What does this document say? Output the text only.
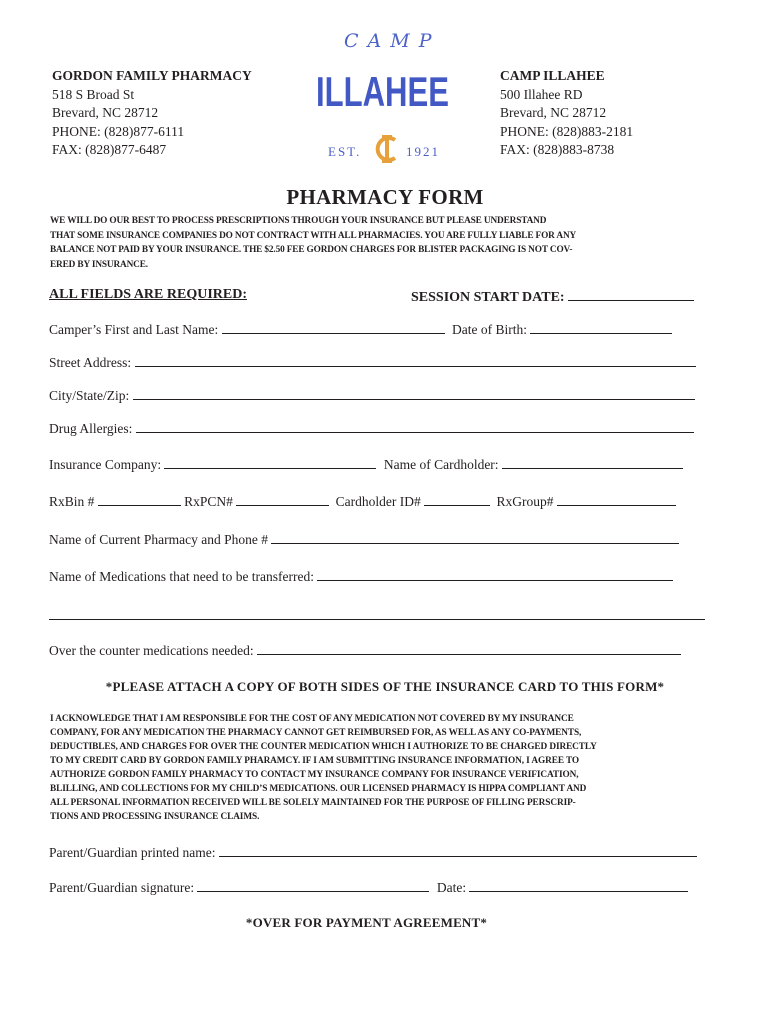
GORDON FAMILY PHARMACY
518 S Broad St
Brevard, NC 28712
PHONE: (828)877-6111
FAX: (828)877-6487
CAMP
ILLAHEE
EST.	1921
CAMP ILLAHEE
500 Illahee RD
Brevard, NC 28712
PHONE: (828)883-2181
FAX: (828)883-8738
PHARMACY FORM
WE WILL DO OUR BEST TO PROCESS PRESCRIPTIONS THROUGH YOUR INSURANCE BUT PLEASE UNDERSTAND
THAT SOME INSURANCE COMPANIES DO NOT CONTRACT WITH ALL PHARMACIES. YOU ARE FULLY LIABLE FOR ANY
BALANCE NOT PAID BY YOUR INSURANCE. THE $2.50 FEE GORDON CHARGES FOR BLISTER PACKAGING IS NOT COV-
ERED BY INSURANCE.
ALL FIELDS ARE REQUIRED:	SESSION START DATE:
Camper’s First and Last Name:	Date of Birth:
Street Address:
City/State/Zip:
Drug Allergies:
Insurance Company:	Name of Cardholder:
RxBin #	RxPCN#	Cardholder ID#	RxGroup#
Name of Current Pharmacy and Phone #
Name of Medications that need to be transferred:
Over the counter medications needed:
*PLEASE ATTACH A COPY OF BOTH SIDES OF THE INSURANCE CARD TO THIS FORM*
I ACKNOWLEDGE THAT I AM RESPONSIBLE FOR THE COST OF ANY MEDICATION NOT COVERED BY MY INSURANCE
COMPANY, FOR ANY MEDICATION THE PHARMACY CANNOT GET REIMBURSED FOR, AS WELL AS ANY CO-PAYMENTS,
DEDUCTIBLES, AND CHARGES FOR OVER THE COUNTER MEDICATION WHICH I AUTHORIZE TO BE CHARGED DIRECTLY
TO MY CREDIT CARD BY GORDON FAMILY PHARAMCY. IF I AM SUBMITTING INSURANCE INFORMATION, I AGREE TO
AUTHORIZE GORDON FAMILY PHARMACY TO CONTACT MY INSURANCE COMPANY FOR INSURANCE VERIFICATION,
BLILLING, AND COLLECTIONS FOR MY CHILD’S MEDICATIONS. OUR LICENSED PHARMACY IS HIPPA COMPLIANT AND
ALL PERSONAL INFORMATION RECEIVED WILL BE SOLELY MAINTAINED FOR THE PURPOSE OF FILLING PERSCRIP-
TIONS AND PROCESSING INSURANCE CLAIMS.
Parent/Guardian printed name:
Parent/Guardian signature:	Date:
*OVER FOR PAYMENT AGREEMENT*
